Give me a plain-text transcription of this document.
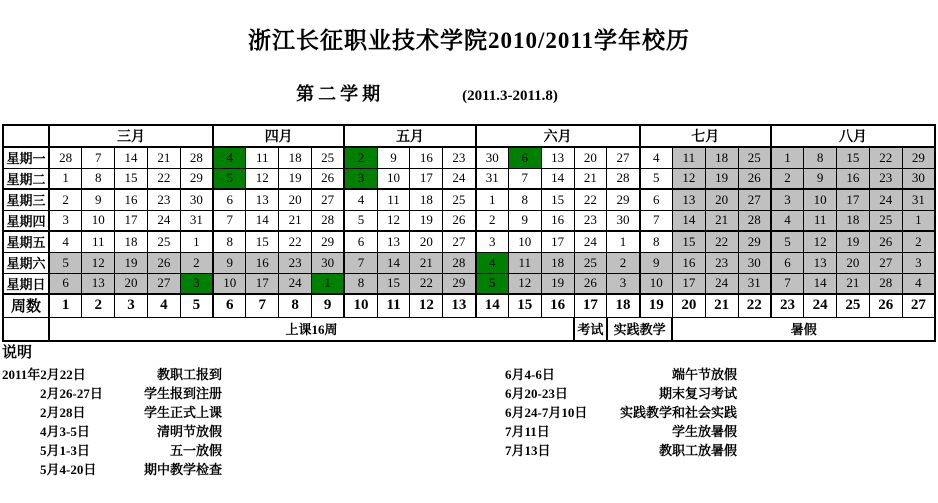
浙江长征职业技术学院2010/2011学年校历
第二学期	(2011.3-2011.8)
	三月					四月				五月				六月					七月				八月				
星期一	28	7	14	21	28	4	11	18	25	2	9	16	23	30	6	13	20	27	4	11	18	25	1	8	15	22	29
星期二	1	8	15	22	29	5	12	19	26	3	10	17	24	31	7	14	21	28	5	12	19	26	2	9	16	23	30
星期三	2	9	16	23	30	6	13	20	27	4	11	18	25	1	8	15	22	29	6	13	20	27	3	10	17	24	31
星期四	3	10	17	24	31	7	14	21	28	5	12	19	26	2	9	16	23	30	7	14	21	28	4	11	18	25	1
星期五	4	11	18	25	1	8	15	22	29	6	13	20	27	3	10	17	24	1	8	15	22	29	5	12	19	26	2
星期六	5	12	19	26	2	9	16	23	30	7	14	21	28	4	11	18	25	2	9	16	23	30	6	13	20	27	3
星期日	6	13	20	27	3	10	17	24	1	8	15	22	29	5	12	19	26	3	10	17	24	31	7	14	21	28	4
周数	1	2	3	4	5	6	7	8	9	10	11	12	13	14	15	16	17	18	19	20	21	22	23	24	25	26	27
	上课16周																考试	实践教学		暑假							
说明
2011年2月22日	教职工报到
2月26-27日	学生报到注册
2月28日	学生正式上课
4月3-5日	清明节放假
5月1-3日	五一放假
5月4-20日	期中教学检查
6月4-6日	端午节放假
6月20-23日	期末复习考试
6月24-7月10日	实践教学和社会实践
7月11日	学生放暑假
7月13日	教职工放暑假
